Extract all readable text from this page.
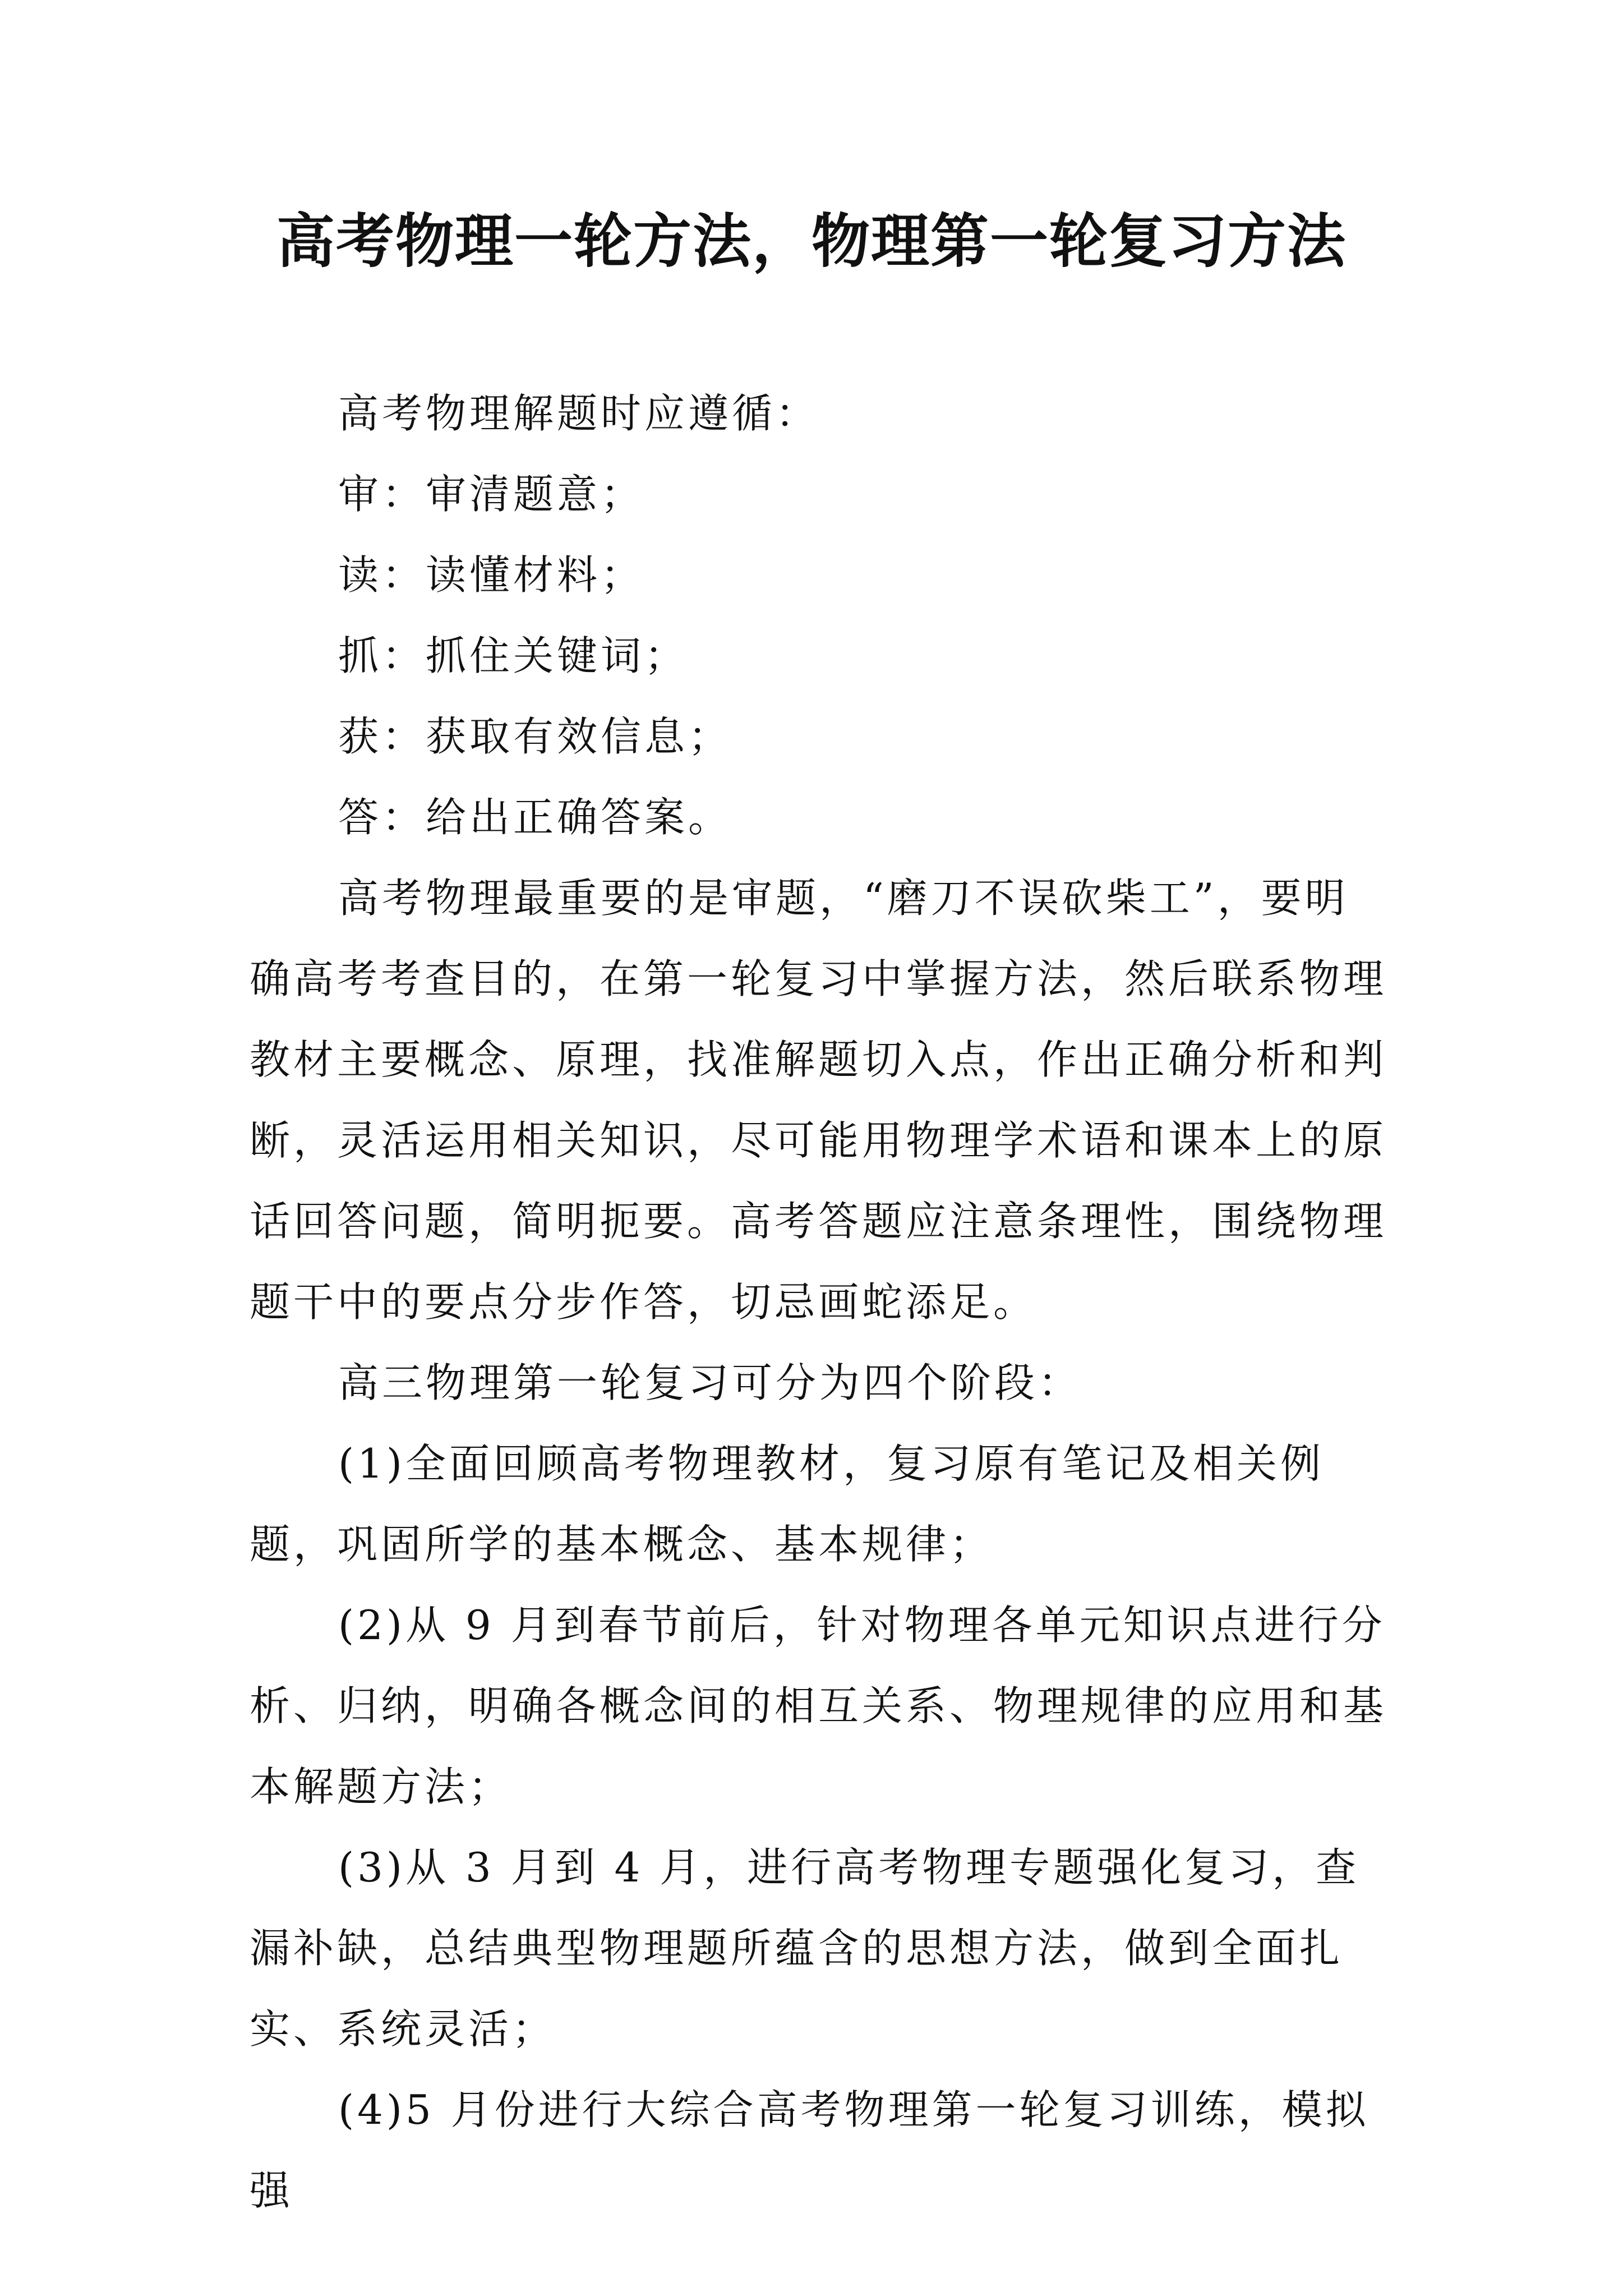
高考物理一轮方法，物理第一轮复习方法

高考物理解题时应遵循：

审：审清题意；

读：读懂材料；

抓：抓住关键词；

获：获取有效信息；

答：给出正确答案。

高考物理最重要的是审题，“磨刀不误砍柴工”，要明确高考考查目的，在第一轮复习中掌握方法，然后联系物理教材主要概念、原理，找准解题切入点，作出正确分析和判断，灵活运用相关知识，尽可能用物理学术语和课本上的原话回答问题，简明扼要。高考答题应注意条理性，围绕物理题干中的要点分步作答，切忌画蛇添足。

高三物理第一轮复习可分为四个阶段：

(1)全面回顾高考物理教材，复习原有笔记及相关例题，巩固所学的基本概念、基本规律；

(2)从 9 月到春节前后，针对物理各单元知识点进行分析、归纳，明确各概念间的相互关系、物理规律的应用和基本解题方法；

(3)从 3 月到 4 月，进行高考物理专题强化复习，查漏补缺，总结典型物理题所蕴含的思想方法，做到全面扎实、系统灵活；

(4)5 月份进行大综合高考物理第一轮复习训练，模拟强
